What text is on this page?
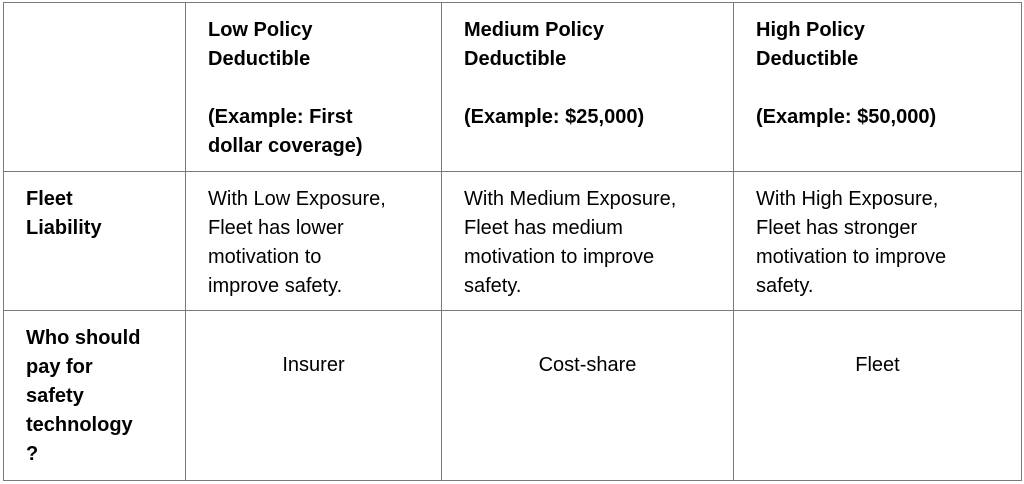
	Low Policy
Deductible
(Example: First
dollar coverage)	Medium Policy
Deductible
(Example: $25,000)	High Policy
Deductible
(Example: $50,000)

Fleet
Liability	With Low Exposure,
Fleet has lower
motivation to
improve safety.	With Medium Exposure,
Fleet has medium
motivation to improve
safety.	With High Exposure,
Fleet has stronger
motivation to improve
safety.

Who should
pay for
safety
technology
?	Insurer	Cost-share	Fleet
